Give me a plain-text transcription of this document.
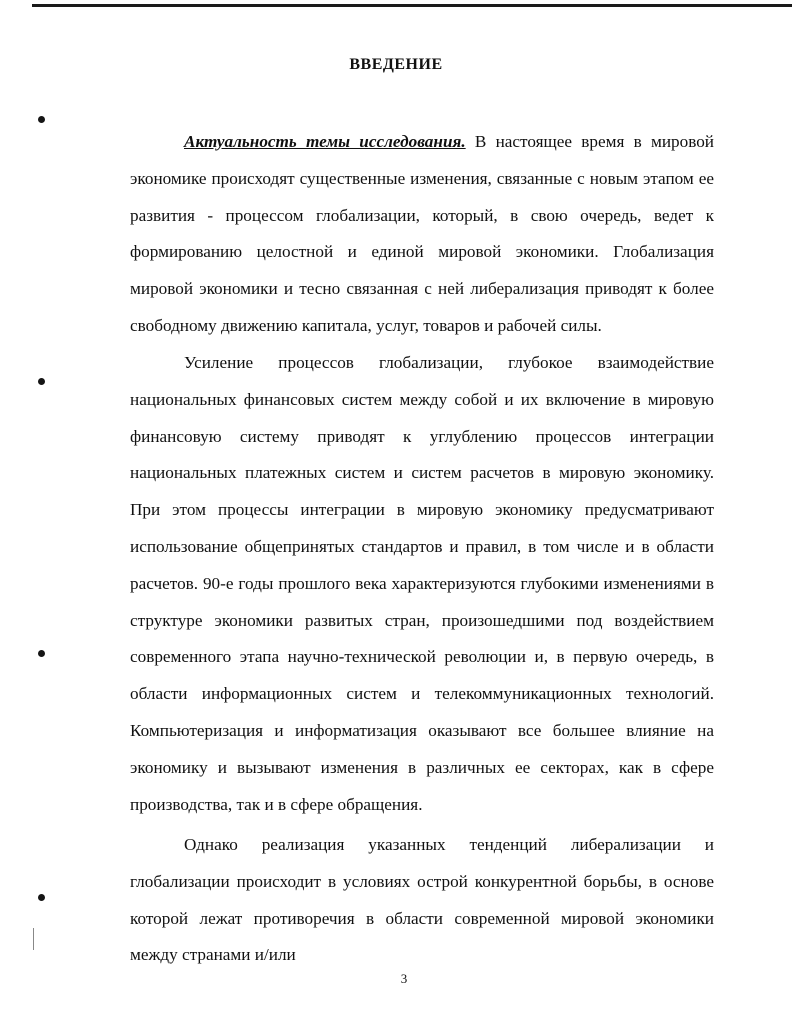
ВВЕДЕНИЕ

Актуальность темы исследования. В настоящее время в мировой экономике происходят существенные изменения, связанные с новым этапом ее развития - процессом глобализации, который, в свою очередь, ведет к формированию целостной и единой мировой экономики. Глобализация мировой экономики и тесно связанная с ней либерализация приводят к более свободному движению капитала, услуг, товаров и рабочей силы.

Усиление процессов глобализации, глубокое взаимодействие национальных финансовых систем между собой и их включение в мировую финансовую систему приводят к углублению процессов интеграции национальных платежных систем и систем расчетов в мировую экономику. При этом процессы интеграции в мировую экономику предусматривают использование общепринятых стандартов и правил, в том числе и в области расчетов. 90-е годы прошлого века характеризуются глубокими изменениями в структуре экономики развитых стран, произошедшими под воздействием современного этапа научно-технической революции и, в первую очередь, в области информационных систем и телекоммуникационных технологий. Компьютеризация и информатизация оказывают все большее влияние на экономику и вызывают изменения в различных ее секторах, как в сфере производства, так и в сфере обращения.

Однако реализация указанных тенденций либерализации и глобализации происходит в условиях острой конкурентной борьбы, в основе которой лежат противоречия в области современной мировой экономики между странами и/или

3
